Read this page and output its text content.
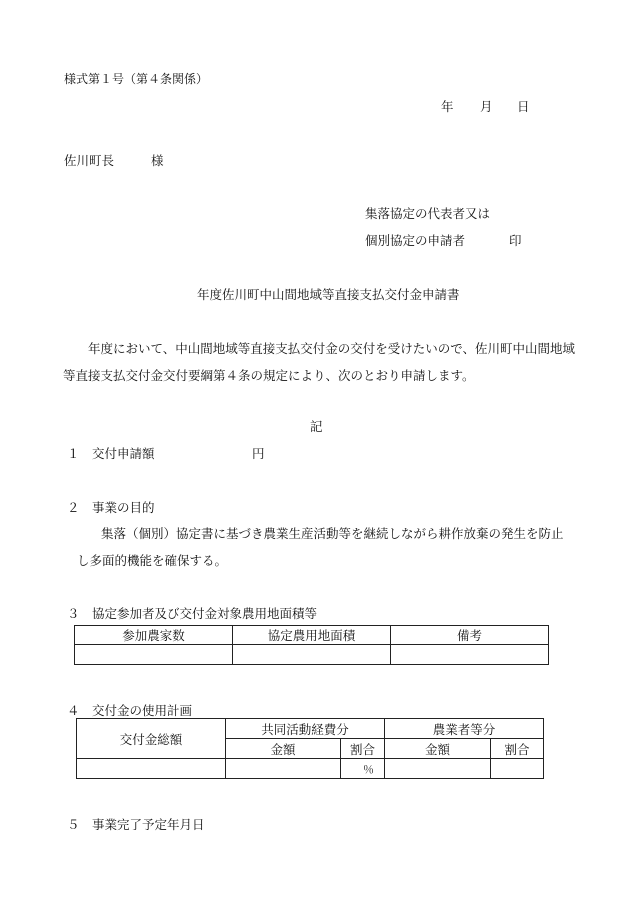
様式第１号（第４条関係）
年 月 日
佐川町長	様
集落協定の代表者又は
個別協定の申請者	印
年度佐川町中山間地域等直接支払交付金申請書
年度において、中山間地域等直接支払交付金の交付を受けたいので、佐川町中山間地域等直接支払交付金交付要綱第４条の規定により、次のとおり申請します。
記
１　交付申請額	円
２　事業の目的
集落（個別）協定書に基づき農業生産活動等を継続しながら耕作放棄の発生を防止し多面的機能を確保する。
３　協定参加者及び交付金対象農用地面積等
参加農家数	協定農用地面積	備考

４　交付金の使用計画
交付金総額	共同活動経費分		農業者等分	
	金額	割合	金額	割合
		％		
５　事業完了予定年月日
